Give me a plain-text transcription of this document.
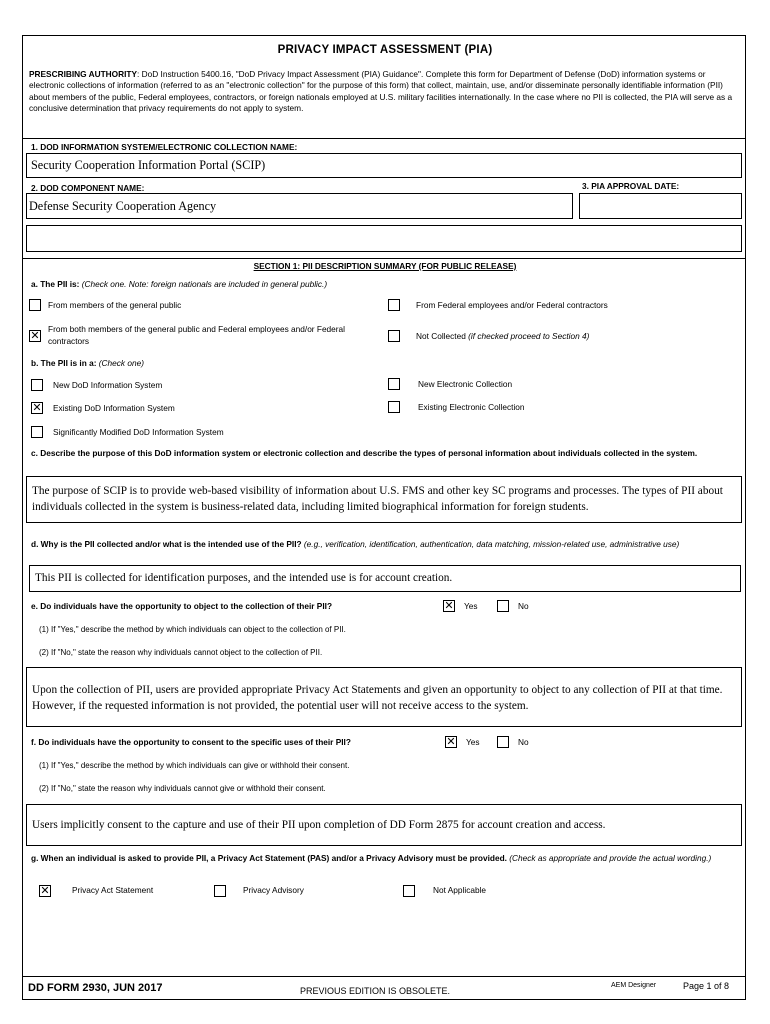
PRIVACY IMPACT ASSESSMENT (PIA)
PRESCRIBING AUTHORITY: DoD Instruction 5400.16, "DoD Privacy Impact Assessment (PIA) Guidance". Complete this form for Department of Defense (DoD) information systems or electronic collections of information (referred to as an "electronic collection" for the purpose of this form) that collect, maintain, use, and/or disseminate personally identifiable information (PII) about members of the public, Federal employees, contractors, or foreign nationals employed at U.S. military facilities internationally. In the case where no PII is collected, the PIA will serve as a conclusive determination that privacy requirements do not apply to system.
1. DOD INFORMATION SYSTEM/ELECTRONIC COLLECTION NAME:
Security Cooperation Information Portal (SCIP)
2. DOD COMPONENT NAME:	3. PIA APPROVAL DATE:
Defense Security Cooperation Agency
SECTION 1: PII DESCRIPTION SUMMARY (FOR PUBLIC RELEASE)
a. The PII is: (Check one. Note: foreign nationals are included in general public.)
From members of the general public	From Federal employees and/or Federal contractors
✕ From both members of the general public and Federal employees and/or Federal contractors	Not Collected (if checked proceed to Section 4)
b. The PII is in a: (Check one)
New DoD Information System	New Electronic Collection
✕ Existing DoD Information System	Existing Electronic Collection
Significantly Modified DoD Information System
c. Describe the purpose of this DoD information system or electronic collection and describe the types of personal information about individuals collected in the system.
The purpose of SCIP is to provide web-based visibility of information about U.S. FMS and other key SC programs and processes. The types of PII about individuals collected in the system is business-related data, including limited biographical information for foreign students.
d. Why is the PII collected and/or what is the intended use of the PII? (e.g., verification, identification, authentication, data matching, mission-related use, administrative use)
This PII is collected for identification purposes, and the intended use is for account creation.
e. Do individuals have the opportunity to object to the collection of their PII?	✕ Yes	No
(1) If "Yes," describe the method by which individuals can object to the collection of PII.
(2) If "No," state the reason why individuals cannot object to the collection of PII.
Upon the collection of PII, users are provided appropriate Privacy Act Statements and given an opportunity to object to any collection of PII at that time. However, if the requested information is not provided, the potential user will not receive access to the system.
f. Do individuals have the opportunity to consent to the specific uses of their PII?	✕ Yes	No
(1) If "Yes," describe the method by which individuals can give or withhold their consent.
(2) If "No," state the reason why individuals cannot give or withhold their consent.
Users implicitly consent to the capture and use of their PII upon completion of DD Form 2875 for account creation and access.
g. When an individual is asked to provide PII, a Privacy Act Statement (PAS) and/or a Privacy Advisory must be provided. (Check as appropriate and provide the actual wording.)
✕	Privacy Act Statement	Privacy Advisory	Not Applicable
DD FORM 2930, JUN 2017	PREVIOUS EDITION IS OBSOLETE.
AEM Designer	Page 1 of 8
